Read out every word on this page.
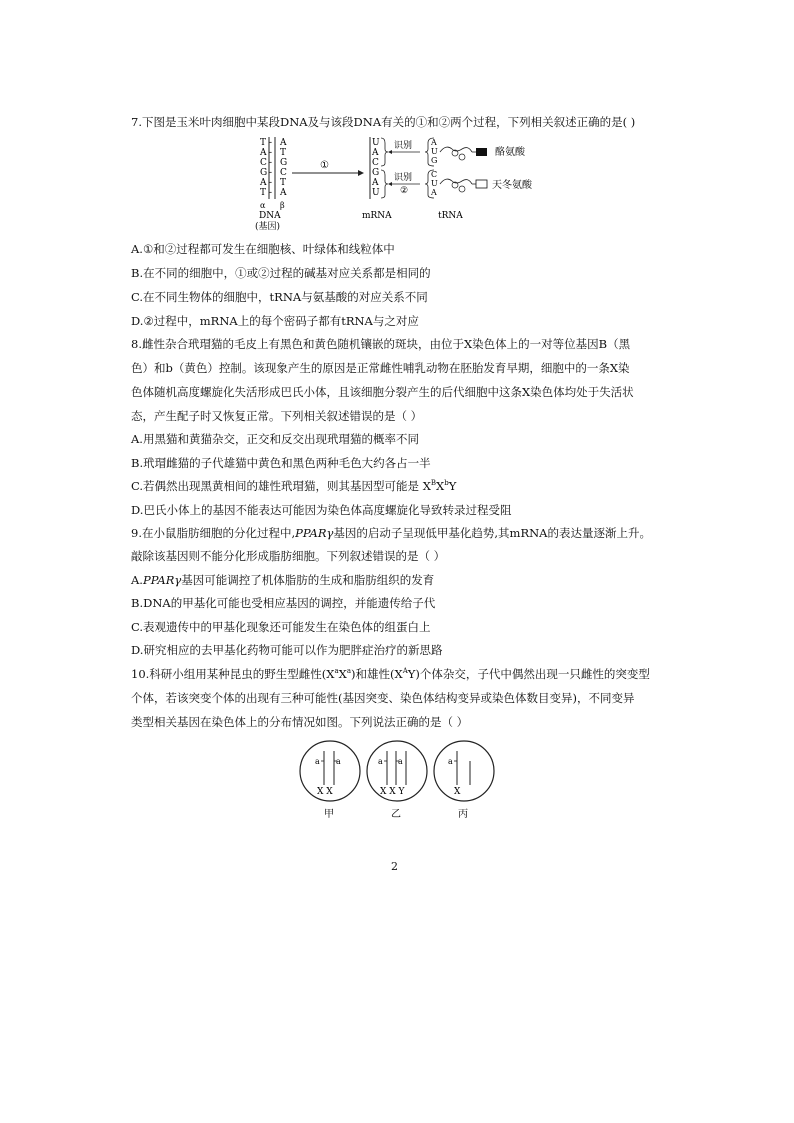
7.下图是玉米叶肉细胞中某段DNA及与该段DNA有关的①和②两个过程，下列相关叙述正确的是( )
T
A
C
G
A
T
-
-
-
-
-
-
A
T
G
C
T
A
α β
DNA
(基因)
①
U
A
C
G
A
U
mRNA
识别
识别
②
A
U
G
酪氨酸
C
U
A
天冬氨酸
tRNA
A.①和②过程都可发生在细胞核、叶绿体和线粒体中
B.在不同的细胞中，①或②过程的碱基对应关系都是相同的
C.在不同生物体的细胞中，tRNA与氨基酸的对应关系不同
D.②过程中，mRNA上的每个密码子都有tRNA与之对应
8.雌性杂合玳瑁猫的毛皮上有黑色和黄色随机镶嵌的斑块，由位于X染色体上的一对等位基因B（黑
色）和b（黄色）控制。该现象产生的原因是正常雌性哺乳动物在胚胎发育早期，细胞中的一条X染
色体随机高度螺旋化失活形成巴氏小体，且该细胞分裂产生的后代细胞中这条X染色体均处于失活状
态，产生配子时又恢复正常。下列相关叙述错误的是（ ）
A.用黑猫和黄猫杂交，正交和反交出现玳瑁猫的概率不同
B.玳瑁雌猫的子代雄猫中黄色和黑色两种毛色大约各占一半
C.若偶然出现黑黄相间的雄性玳瑁猫，则其基因型可能是 $X^BX^bY$
D.巴氏小体上的基因不能表达可能因为染色体高度螺旋化导致转录过程受阻
9.在小鼠脂肪细胞的分化过程中,PPARγ基因的启动子呈现低甲基化趋势,其mRNA的表达量逐渐上升。
敲除该基因则不能分化形成脂肪细胞。下列叙述错误的是（ ）
A.PPARγ基因可能调控了机体脂肪的生成和脂肪组织的发育
B.DNA的甲基化可能也受相应基因的调控，并能遗传给子代
C.表观遗传中的甲基化现象还可能发生在染色体的组蛋白上
D.研究相应的去甲基化药物可能可以作为肥胖症治疗的新思路
10.科研小组用某种昆虫的野生型雌性$(X^aX^a)$和雄性$(X^AY)$个体杂交，子代中偶然出现一只雌性的突变型
个体，若该突变个体的出现有三种可能性(基因突变、染色体结构变异或染色体数目变异)，不同变异
类型相关基因在染色体上的分布情况如图。下列说法正确的是（ ）
a a
X X
甲
a a
X X Y
乙
a
X
丙
2
